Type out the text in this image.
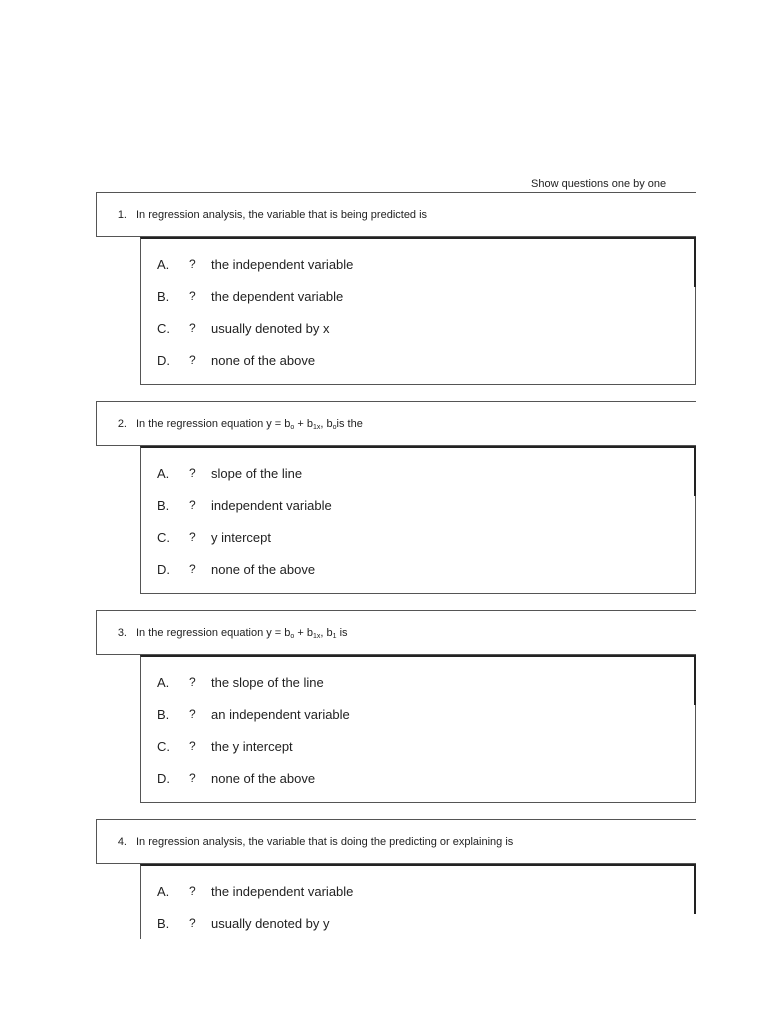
Show questions one by one
1. In regression analysis, the variable that is being predicted is
A.	?	the independent variable
B.	?	the dependent variable
C.	?	usually denoted by x
D.	?	none of the above
2. In the regression equation $y = b_o + b_{1x}$, $b_ois$ the
A.	?	slope of the line
B.	?	independent variable
C.	?	y intercept
D.	?	none of the above
3. In the regression equation $y = b_o + b_{1x}$, $b_1$ is
A.	?	the slope of the line
B.	?	an independent variable
C.	?	the y intercept
D.	?	none of the above
4. In regression analysis, the variable that is doing the predicting or explaining is
A.	?	the independent variable
B.	?	usually denoted by y
